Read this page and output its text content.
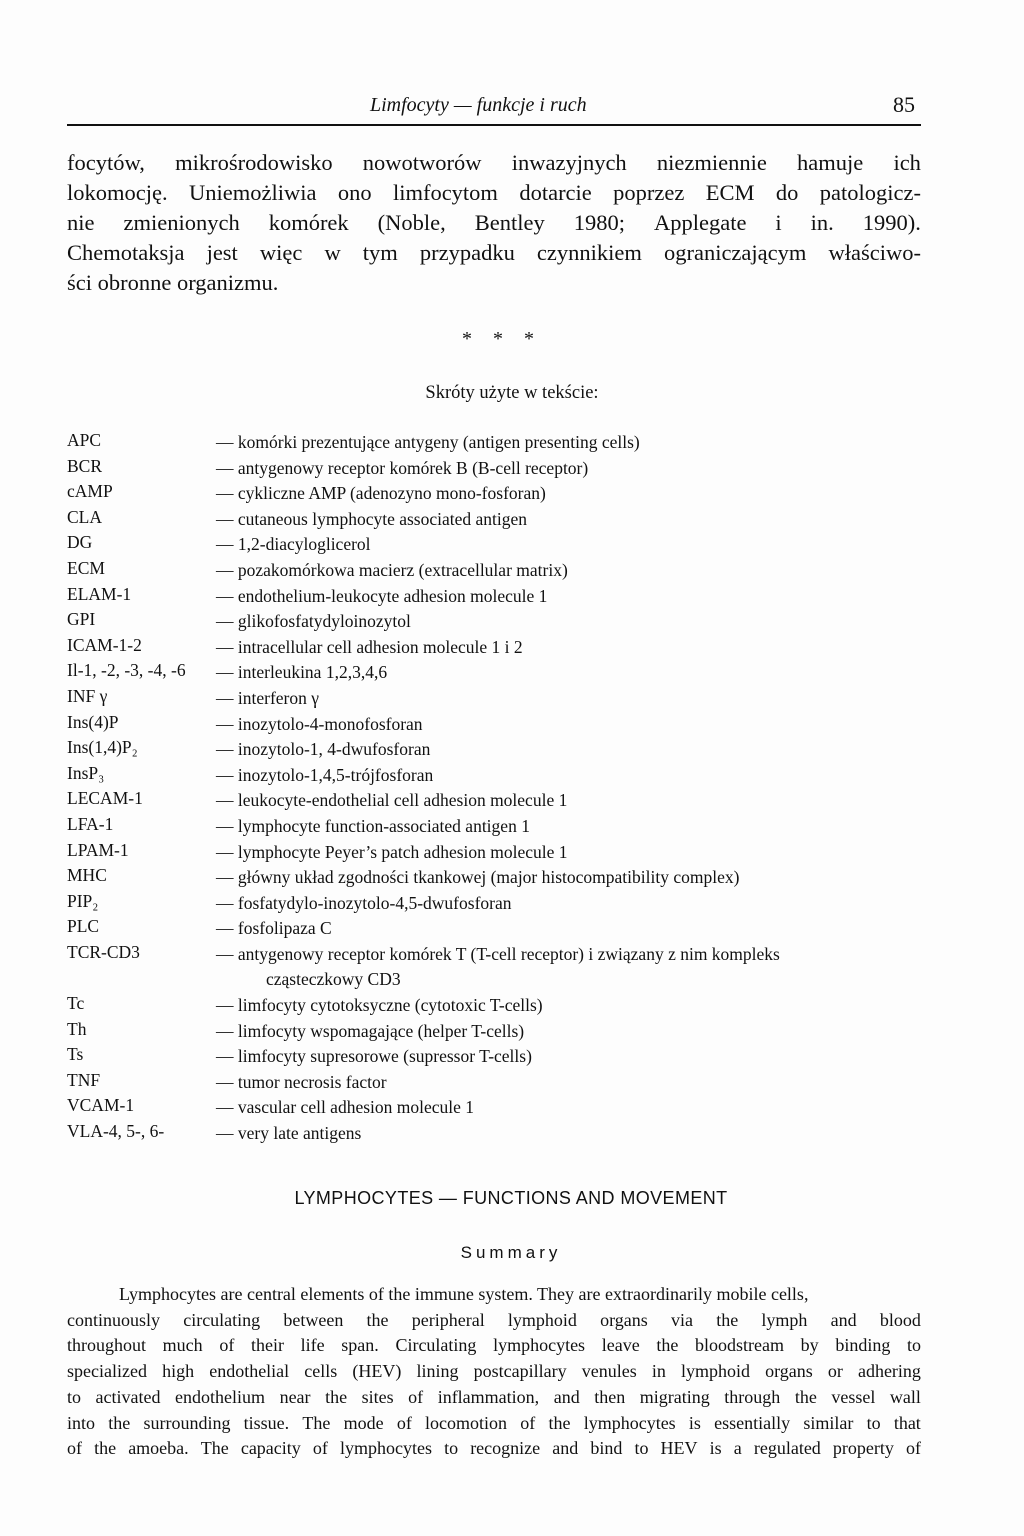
Limfocyty — funkcje i ruch	85
focytów, mikrośrodowisko nowotworów inwazyjnych niezmiennie hamuje ich
lokomocję. Uniemożliwia ono limfocytom dotarcie poprzez ECM do patologicz-
nie zmienionych komórek (Noble, Bentley 1980; Applegate i in. 1990).
Chemotaksja jest więc w tym przypadku czynnikiem ograniczającym właściwo-
ści obronne organizmu.
* * *
Skróty użyte w tekście:
APC	— komórki prezentujące antygeny (antigen presenting cells)
BCR	— antygenowy receptor komórek B (B-cell receptor)
cAMP	— cykliczne AMP (adenozyno mono-fosforan)
CLA	— cutaneous lymphocyte associated antigen
DG	— 1,2-diacyloglicerol
ECM	— pozakomórkowa macierz (extracellular matrix)
ELAM-1	— endothelium-leukocyte adhesion molecule 1
GPI	— glikofosfatydyloinozytol
ICAM-1-2	— intracellular cell adhesion molecule 1 i 2
Il-1, -2, -3, -4, -6 — interleukina 1,2,3,4,6
INF γ	— interferon γ
Ins(4)P	— inozytolo-4-monofosforan
Ins(1,4)P₂	— inozytolo-1, 4-dwufosforan
InsP₃	— inozytolo-1,4,5-trójfosforan
LECAM-1	— leukocyte-endothelial cell adhesion molecule 1
LFA-1	— lymphocyte function-associated antigen 1
LPAM-1	— lymphocyte Peyer’s patch adhesion molecule 1
MHC	— główny układ zgodności tkankowej (major histocompatibility complex)
PIP₂	— fosfatydylo-inozytolo-4,5-dwufosforan
PLC	— fosfolipaza C
TCR-CD3	— antygenowy receptor komórek T (T-cell receptor) i związany z nim kompleks
cząsteczkowy CD3
Tc	— limfocyty cytotoksyczne (cytotoxic T-cells)
Th	— limfocyty wspomagające (helper T-cells)
Ts	— limfocyty supresorowe (supressor T-cells)
TNF	— tumor necrosis factor
VCAM-1	— vascular cell adhesion molecule 1
VLA-4, 5-, 6-	— very late antigens
LYMPHOCYTES — FUNCTIONS AND MOVEMENT
Summary
Lymphocytes are central elements of the immune system. They are extraordinarily mobile cells,
continuously circulating between the peripheral lymphoid organs via the lymph and blood
throughout much of their life span. Circulating lymphocytes leave the bloodstream by binding to
specialized high endothelial cells (HEV) lining postcapillary venules in lymphoid organs or adhering
to activated endothelium near the sites of inflammation, and then migrating through the vessel wall
into the surrounding tissue. The mode of locomotion of the lymphocytes is essentially similar to that
of the amoeba. The capacity of lymphocytes to recognize and bind to HEV is a regulated property of
